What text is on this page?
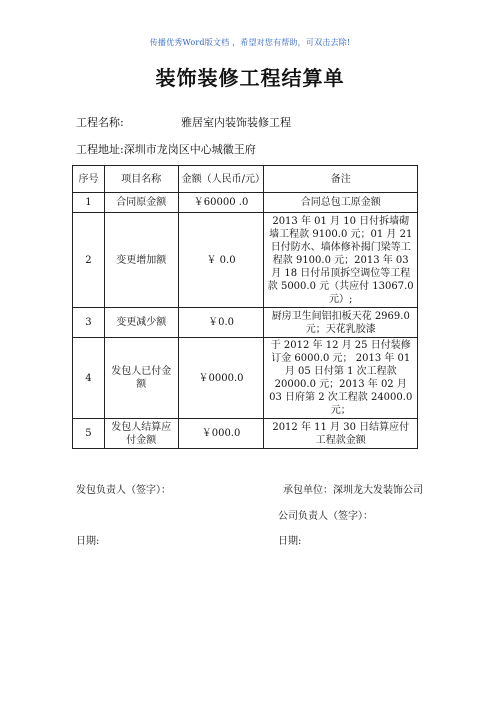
传播优秀Word版文档 ，希望对您有帮助，可双击去除!
装饰装修工程结算单
工程名称:	雅居室内装饰装修工程
工程地址:深圳市龙岗区中心城徽王府
序号	项目名称	金额（人民币/元）	备注
1	合同原金额	￥60000 .0	合同总包工原金额
2	变更增加额	￥ 0.0	2013 年 01 月 10 日付拆墙砌墙工程款 9100.0 元；01 月 21 日付防水、墙体修补揭门梁等工程款 9100.0 元；2013 年 03 月 18 日付吊顶拆空调位等工程款 5000.0 元（共应付 13067.0 元）;
3	变更减少额	￥0.0	厨房卫生间铝扣板天花 2969.0 元；天花乳胶漆
4	发包人已付金额	￥0000.0	于 2012 年 12 月 25 日付装修订金 6000.0 元； 2013 年 01 月 05 日付第 1 次工程款 20000.0 元；2013 年 02 月 03 日府第 2 次工程款 24000.0 元；
5	发包人结算应付金额	￥000.0	2012 年 11 月 30 日结算应付工程款金额
发包负责人（签字）：	承包单位：深圳龙大发装饰公司
公司负责人（签字）：
日期:	日期:
